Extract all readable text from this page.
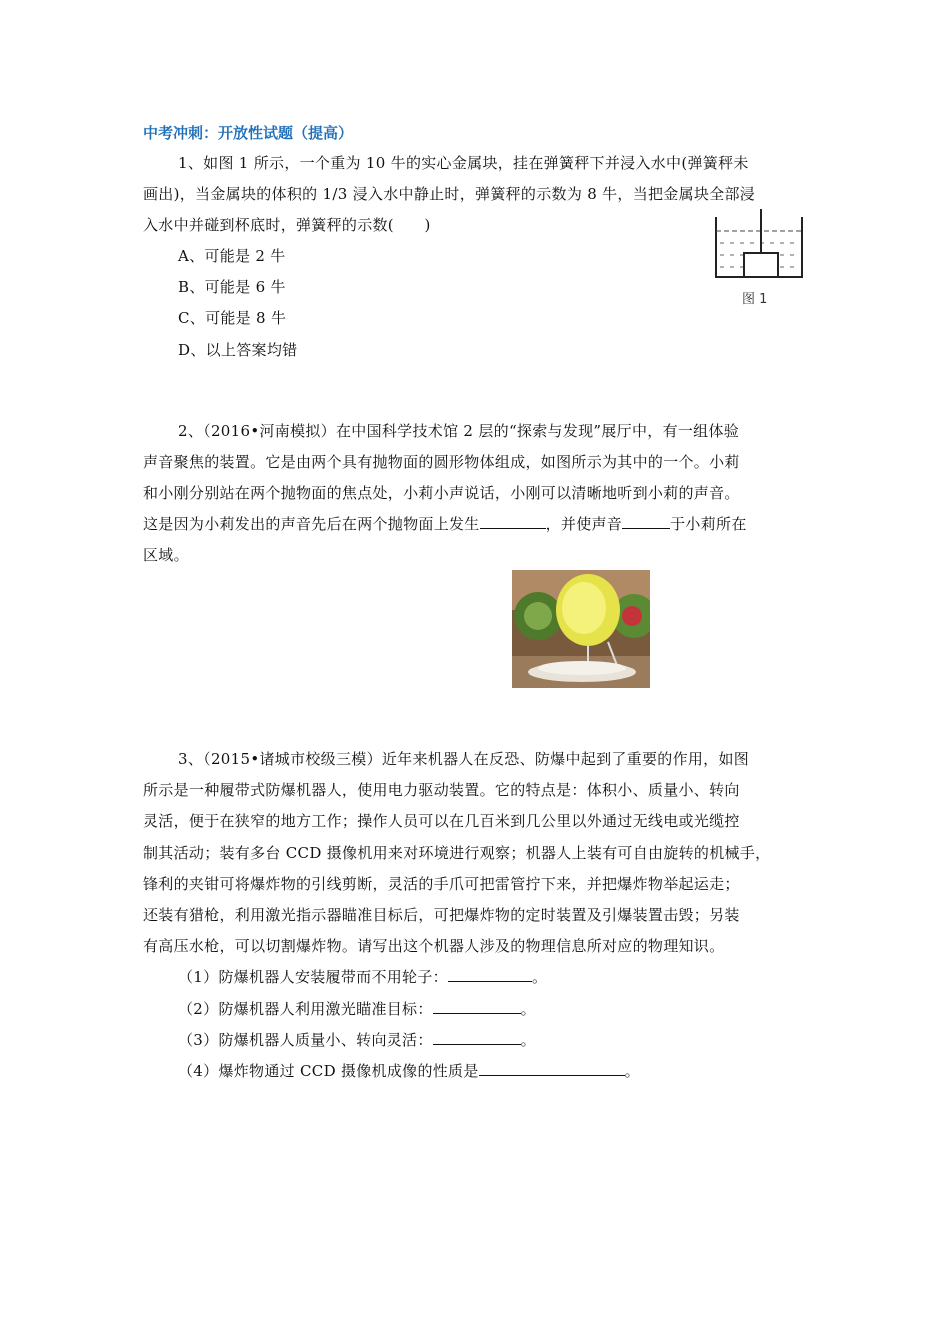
中考冲刺：开放性试题（提高）
1、如图 1 所示，一个重为 10 牛的实心金属块，挂在弹簧秤下并浸入水中(弹簧秤未
画出)，当金属块的体积的 1/3 浸入水中静止时，弹簧秤的示数为 8 牛，当把金属块全部浸
入水中并碰到杯底时，弹簧秤的示数(　　)
A、可能是 2 牛
B、可能是 6 牛
C、可能是 8 牛
D、以上答案均错
图 1
2、（2016•河南模拟）在中国科学技术馆 2 层的“探索与发现”展厅中，有一组体验
声音聚焦的装置。它是由两个具有抛物面的圆形物体组成，如图所示为其中的一个。小莉
和小刚分别站在两个抛物面的焦点处，小莉小声说话，小刚可以清晰地听到小莉的声音。
这是因为小莉发出的声音先后在两个抛物面上发生	，并使声音	于小莉所在
区域。
3、（2015•诸城市校级三模）近年来机器人在反恐、防爆中起到了重要的作用，如图
所示是一种履带式防爆机器人，使用电力驱动装置。它的特点是：体积小、质量小、转向
灵活，便于在狭窄的地方工作；操作人员可以在几百米到几公里以外通过无线电或光缆控
制其活动；装有多台 CCD 摄像机用来对环境进行观察；机器人上装有可自由旋转的机械手，
锋利的夹钳可将爆炸物的引线剪断，灵活的手爪可把雷管拧下来，并把爆炸物举起运走；
还装有猎枪，利用激光指示器瞄准目标后，可把爆炸物的定时装置及引爆装置击毁；另装
有高压水枪，可以切割爆炸物。请写出这个机器人涉及的物理信息所对应的物理知识。
（1）防爆机器人安装履带而不用轮子：	。
（2）防爆机器人利用激光瞄准目标：	。
（3）防爆机器人质量小、转向灵活：	。
（4）爆炸物通过 CCD 摄像机成像的性质是	。
